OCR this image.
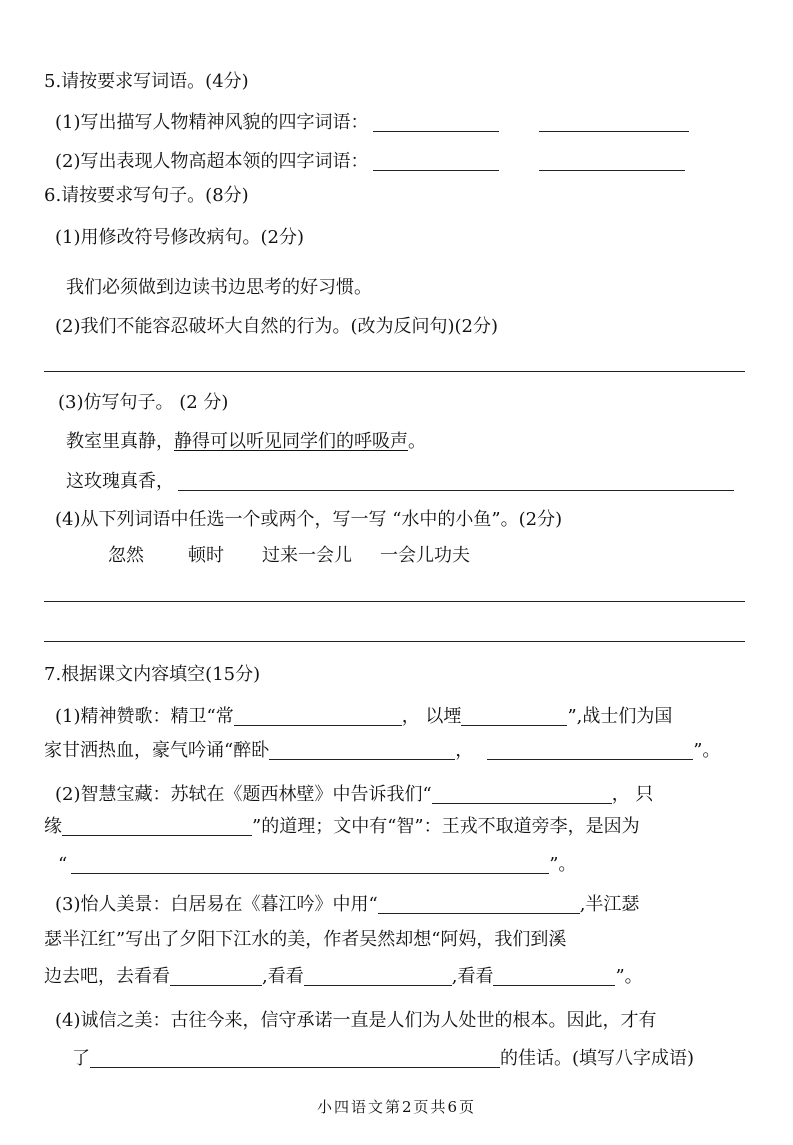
5.请按要求写词语。(4分)
(1)写出描写人物精神风貌的四字词语：
(2)写出表现人物高超本领的四字词语：
6.请按要求写句子。(8分)
(1)用修改符号修改病句。(2分)
我们必须做到边读书边思考的好习惯。
(2)我们不能容忍破坏大自然的行为。(改为反问句)(2分)
(3)仿写句子。 (2 分)
教室里真静，静得可以听见同学们的呼吸声。
这玫瑰真香，
(4)从下列词语中任选一个或两个，写一写 “水中的小鱼”。(2分)
忽然 顿时 过来一会儿 一会儿功夫
7.根据课文内容填空(15分)
(1)精神赞歌：精卫“常	， 以堙	”,战士们为国
家甘洒热血，豪气吟诵“醉卧	，	”。
(2)智慧宝藏：苏轼在《题西林壁》中告诉我们“	， 只
缘	”的道理；文中有“智”：王戎不取道旁李，是因为
“	”。
(3)怡人美景：白居易在《暮江吟》中用“	,半江瑟
瑟半江红”写出了夕阳下江水的美，作者吴然却想“阿妈，我们到溪
边去吧，去看看	,看看	,看看	”。
(4)诚信之美：古往今来，信守承诺一直是人们为人处世的根本。因此，才有
了	的佳话。(填写八字成语)
小四语文第2页共6页
